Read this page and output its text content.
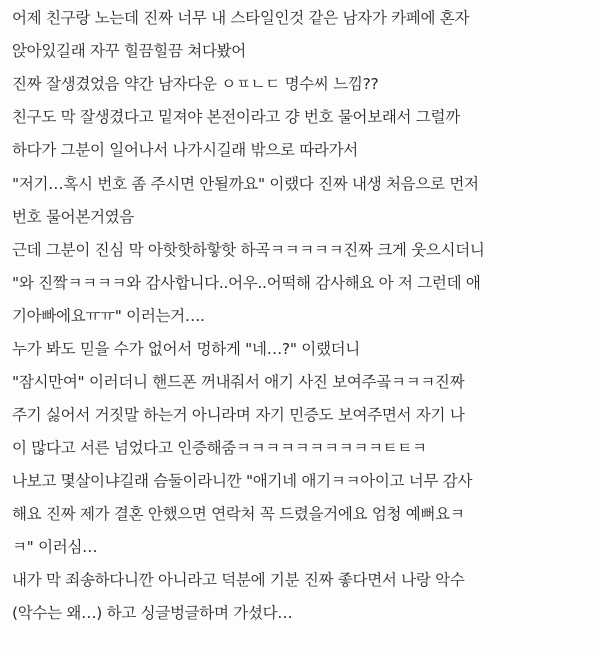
어제 친구랑 노는데 진짜 너무 내 스타일인것 같은 남자가 카페에 혼자
앉아있길래 자꾸 힐끔힐끔 쳐다봤어
진짜 잘생겼었음 약간 남자다운 ㅇㅍㄴㄷ 명수씨 느낌??
친구도 막 잘생겼다고 밑져야 본전이라고 걍 번호 물어보래서 그럴까
하다가 그분이 일어나서 나가시길래 밖으로 따라가서
"저기…혹시 번호 좀 주시면 안될까요" 이랬다 진짜 내생 처음으로 먼저
번호 물어본거였음
근데 그분이 진심 막 아핫핫하핳핫 하곡ㅋㅋㅋㅋㅋ진짜 크게 웃으시더니
"와 진짴ㅋㅋㅋㅋ와 감사합니다..어우..어떡해 감사해요 아 저 그런데 애
기아빠에요ㅠㅠ" 이러는거….
누가 봐도 믿을 수가 없어서 멍하게 "네…?" 이랬더니
"잠시만여" 이러더니 핸드폰 꺼내줘서 애기 사진 보여주곸ㅋㅋㅋ진짜
주기 싫어서 거짓말 하는거 아니라며 자기 민증도 보여주면서 자기 나
이 많다고 서른 넘었다고 인증해줌ㅋㅋㅋㅋㅋㅋㅋㅋㅋㅋㅌㅌㅋ
나보고 몇살이냐길래 슴둘이라니깐 "애기네 애기ㅋㅋ아이고 너무 감사
해요 진짜 제가 결혼 안했으면 연락처 꼭 드렸을거에요 엄청 예뻐요ㅋ
ㅋ" 이러심…
내가 막 죄송하다니깐 아니라고 덕분에 기분 진짜 좋다면서 나랑 악수
(악수는 왜…) 하고 싱글벙글하며 가셨다…
